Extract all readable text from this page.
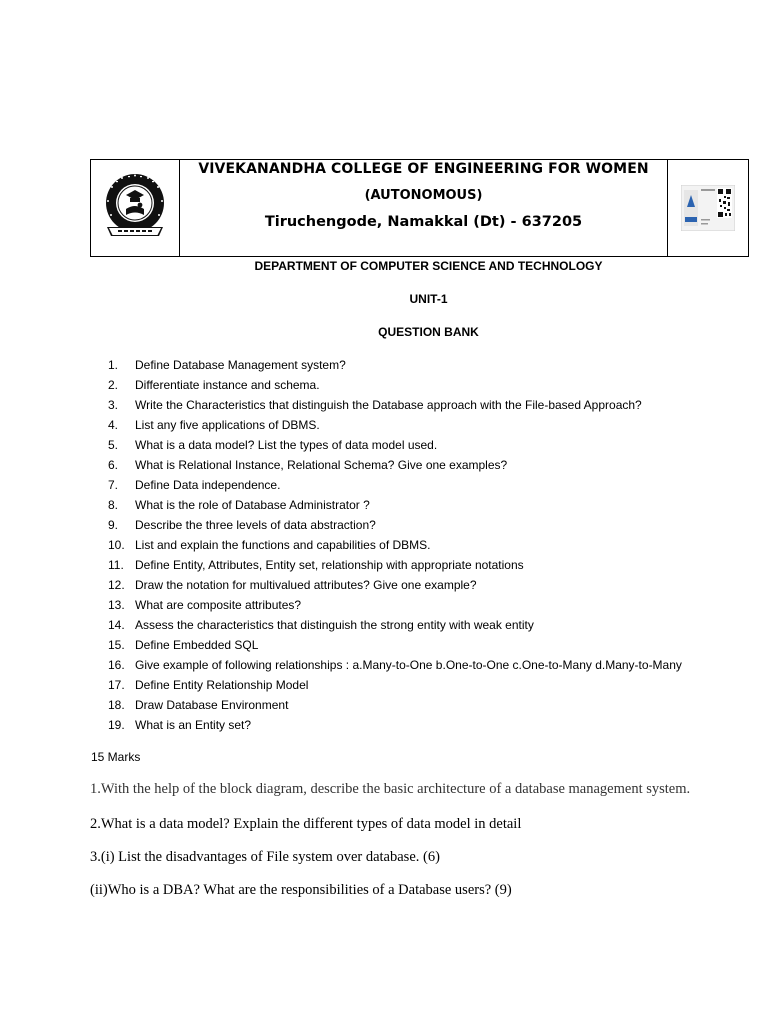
VIVEKANANDHA COLLEGE OF ENGINEERING FOR WOMEN
(AUTONOMOUS)
Tiruchengode, Namakkal (Dt) - 637205
DEPARTMENT OF COMPUTER SCIENCE AND TECHNOLOGY
UNIT-1
QUESTION BANK
1. Define Database Management system?
2. Differentiate instance and schema.
3. Write the Characteristics that distinguish the Database approach with the File-based Approach?
4. List any five applications of DBMS.
5. What is a data model? List the types of data model used.
6. What is Relational Instance, Relational Schema? Give one examples?
7. Define Data independence.
8. What is the role of Database Administrator ?
9. Describe the three levels of data abstraction?
10. List and explain the functions and capabilities of DBMS.
11. Define Entity, Attributes, Entity set, relationship with appropriate notations
12. Draw the notation for multivalued attributes? Give one example?
13. What are composite attributes?
14. Assess the characteristics that distinguish the strong entity with weak entity
15. Define Embedded SQL
16. Give example of following relationships : a.Many-to-One b.One-to-One c.One-to-Many d.Many-to-Many
17. Define Entity Relationship Model
18. Draw Database Environment
19. What is an Entity set?
15 Marks
1.With the help of the block diagram, describe the basic architecture of a database management system.
2.What is a data model? Explain the different types of data model in detail
3.(i) List the disadvantages of File system over database. (6)
(ii)Who is a DBA? What are the responsibilities of a Database users? (9)
